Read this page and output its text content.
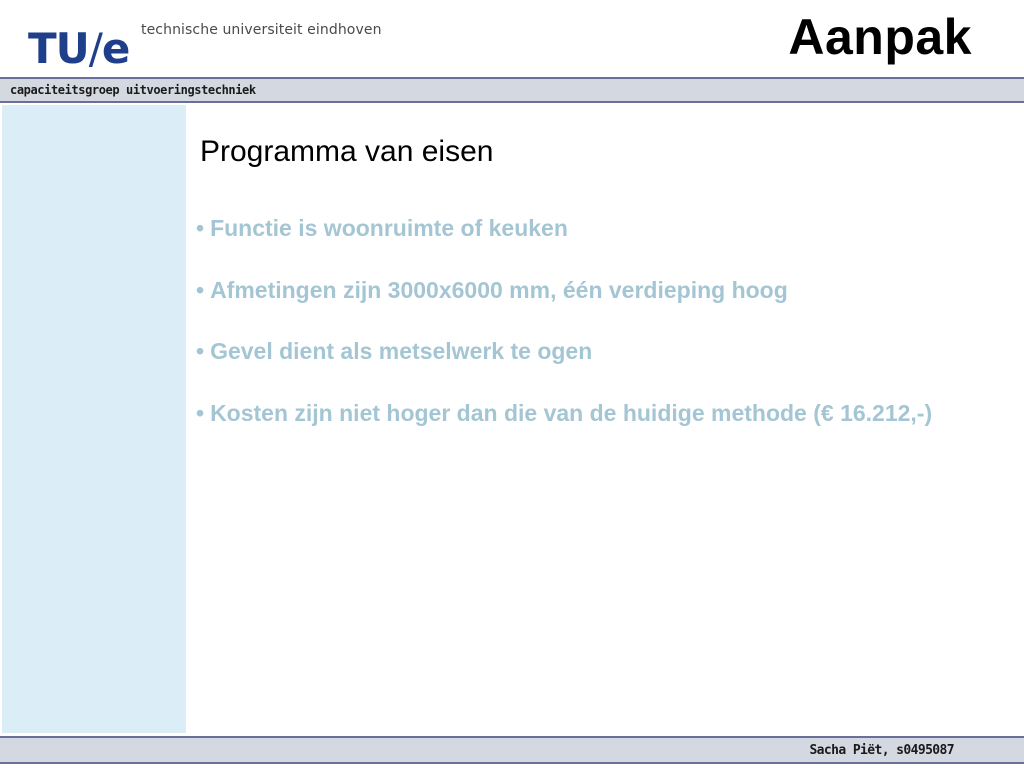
TU/e technische universiteit eindhoven	Aanpak
capaciteitsgroep uitvoeringstechniek
Programma van eisen
• Functie is woonruimte of keuken
• Afmetingen zijn 3000x6000 mm, één verdieping hoog
• Gevel dient als metselwerk te ogen
• Kosten zijn niet hoger dan die van de huidige methode (€ 16.212,-)
Sacha Piët, s0495087
